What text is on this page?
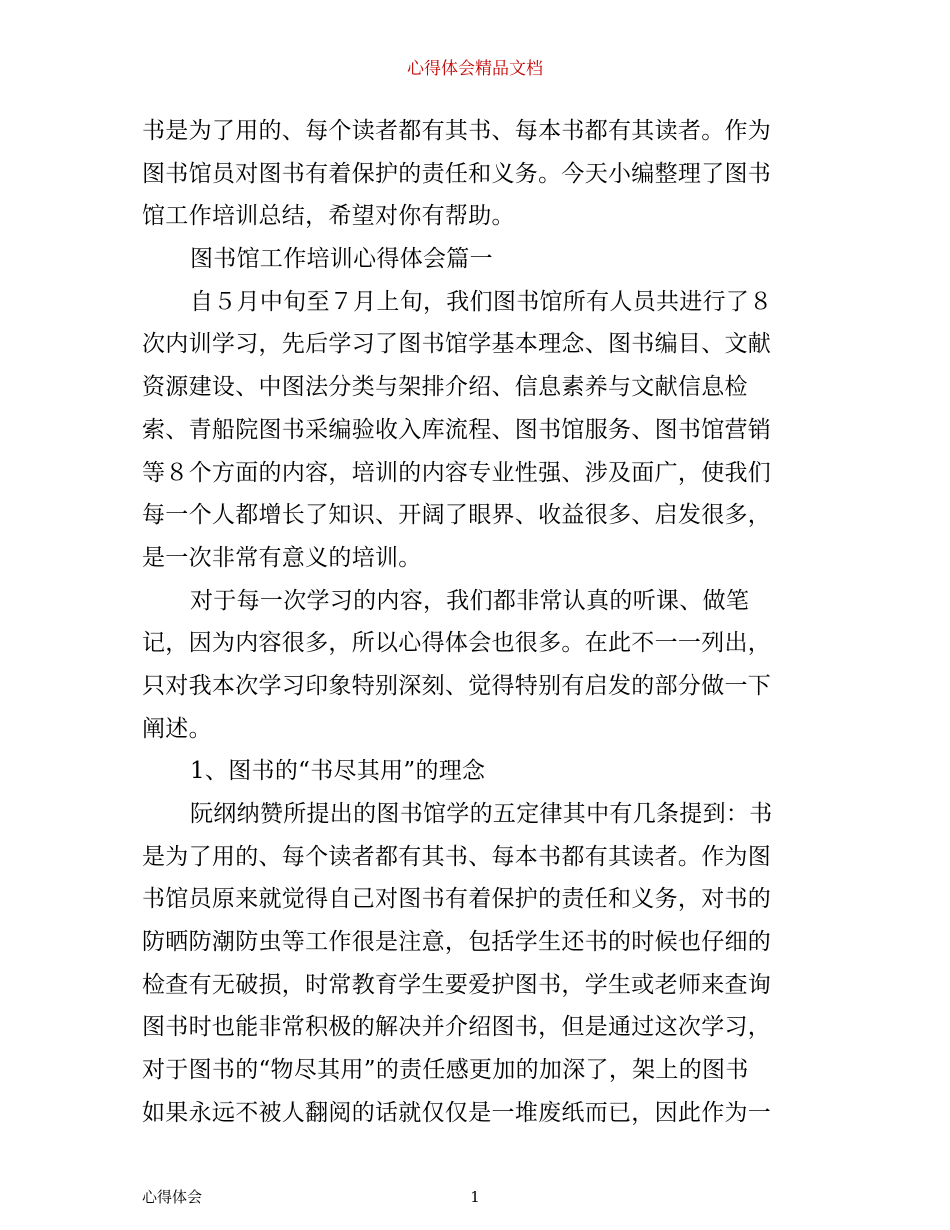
心得体会精品文档
书是为了用的、每个读者都有其书、每本书都有其读者。作为
图书馆员对图书有着保护的责任和义务。今天小编整理了图书
馆工作培训总结，希望对你有帮助。
图书馆工作培训心得体会篇一
自５月中旬至７月上旬，我们图书馆所有人员共进行了８
次内训学习，先后学习了图书馆学基本理念、图书编目、文献
资源建设、中图法分类与架排介绍、信息素养与文献信息检
索、青船院图书采编验收入库流程、图书馆服务、图书馆营销
等８个方面的内容，培训的内容专业性强、涉及面广，使我们
每一个人都增长了知识、开阔了眼界、收益很多、启发很多，
是一次非常有意义的培训。
对于每一次学习的内容，我们都非常认真的听课、做笔
记，因为内容很多，所以心得体会也很多。在此不一一列出，
只对我本次学习印象特别深刻、觉得特别有启发的部分做一下
阐述。
1、图书的“书尽其用”的理念
阮纲纳赞所提出的图书馆学的五定律其中有几条提到：书
是为了用的、每个读者都有其书、每本书都有其读者。作为图
书馆员原来就觉得自己对图书有着保护的责任和义务，对书的
防晒防潮防虫等工作很是注意，包括学生还书的时候也仔细的
检查有无破损，时常教育学生要爱护图书，学生或老师来查询
图书时也能非常积极的解决并介绍图书，但是通过这次学习，
对于图书的“物尽其用”的责任感更加的加深了，架上的图书
如果永远不被人翻阅的话就仅仅是一堆废纸而已，因此作为一
心得体会	1
